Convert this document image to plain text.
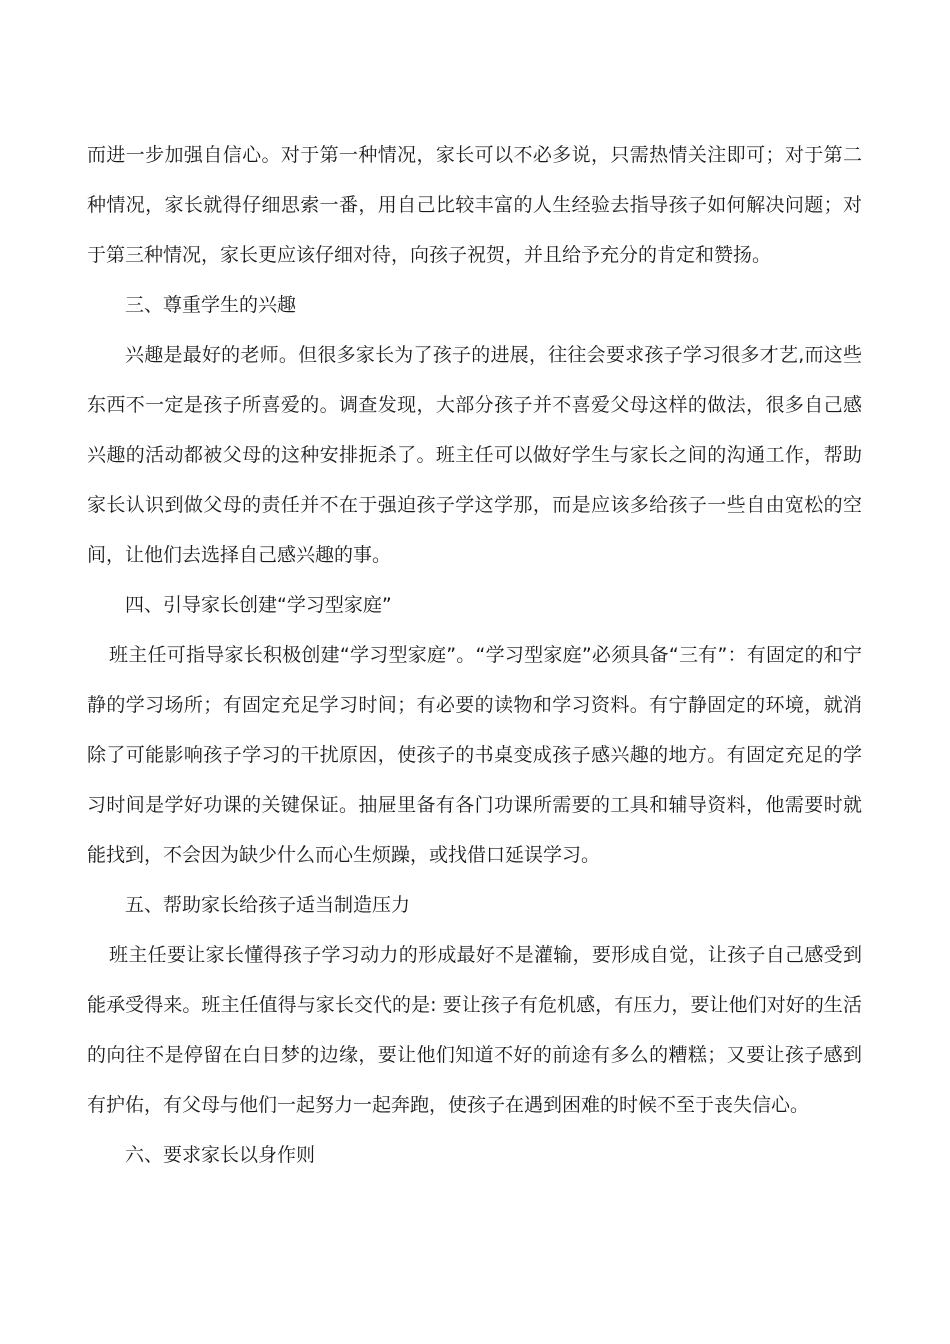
而进一步加强自信心。对于第一种情况，家长可以不必多说，只需热情关注即可；对于第二种情况，家长就得仔细思索一番，用自己比较丰富的人生经验去指导孩子如何解决问题；对于第三种情况，家长更应该仔细对待，向孩子祝贺，并且给予充分的肯定和赞扬。

三、尊重学生的兴趣

兴趣是最好的老师。但很多家长为了孩子的进展，往往会要求孩子学习很多才艺,而这些东西不一定是孩子所喜爱的。调查发现，大部分孩子并不喜爱父母这样的做法，很多自己感兴趣的活动都被父母的这种安排扼杀了。班主任可以做好学生与家长之间的沟通工作，帮助家长认识到做父母的责任并不在于强迫孩子学这学那，而是应该多给孩子一些自由宽松的空间，让他们去选择自己感兴趣的事。

四、引导家长创建“学习型家庭”

班主任可指导家长积极创建“学习型家庭”。“学习型家庭”必须具备“三有”：有固定的和宁静的学习场所；有固定充足学习时间；有必要的读物和学习资料。有宁静固定的环境，就消除了可能影响孩子学习的干扰原因，使孩子的书桌变成孩子感兴趣的地方。有固定充足的学习时间是学好功课的关键保证。抽屉里备有各门功课所需要的工具和辅导资料，他需要时就能找到，不会因为缺少什么而心生烦躁，或找借口延误学习。

五、帮助家长给孩子适当制造压力

班主任要让家长懂得孩子学习动力的形成最好不是灌输，要形成自觉，让孩子自己感受到能承受得来。班主任值得与家长交代的是: 要让孩子有危机感，有压力，要让他们对好的生活的向往不是停留在白日梦的边缘，要让他们知道不好的前途有多么的糟糕；又要让孩子感到有护佑，有父母与他们一起努力一起奔跑，使孩子在遇到困难的时候不至于丧失信心。

六、要求家长以身作则
